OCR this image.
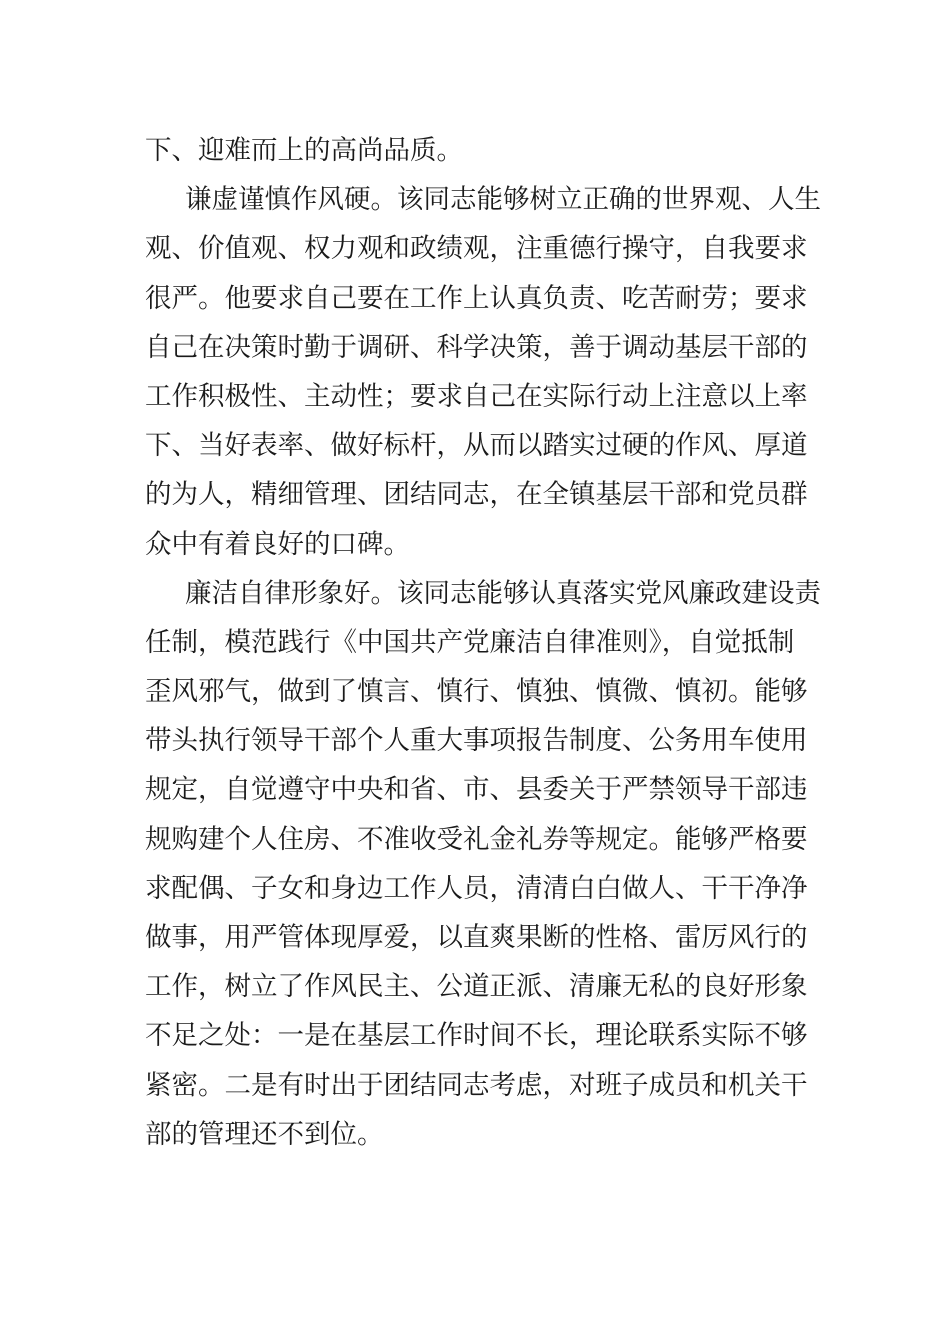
下、迎难而上的高尚品质。
谦虚谨慎作风硬。该同志能够树立正确的世界观、人生
观、价值观、权力观和政绩观，注重德行操守，自我要求
很严。他要求自己要在工作上认真负责、吃苦耐劳；要求
自己在决策时勤于调研、科学决策，善于调动基层干部的
工作积极性、主动性；要求自己在实际行动上注意以上率
下、当好表率、做好标杆，从而以踏实过硬的作风、厚道
的为人，精细管理、团结同志，在全镇基层干部和党员群
众中有着良好的口碑。
廉洁自律形象好。该同志能够认真落实党风廉政建设责
任制，模范践行《中国共产党廉洁自律准则》，自觉抵制
歪风邪气，做到了慎言、慎行、慎独、慎微、慎初。能够
带头执行领导干部个人重大事项报告制度、公务用车使用
规定，自觉遵守中央和省、市、县委关于严禁领导干部违
规购建个人住房、不准收受礼金礼券等规定。能够严格要
求配偶、子女和身边工作人员，清清白白做人、干干净净
做事，用严管体现厚爱，以直爽果断的性格、雷厉风行的
工作，树立了作风民主、公道正派、清廉无私的良好形象
不足之处：一是在基层工作时间不长，理论联系实际不够
紧密。二是有时出于团结同志考虑，对班子成员和机关干
部的管理还不到位。
